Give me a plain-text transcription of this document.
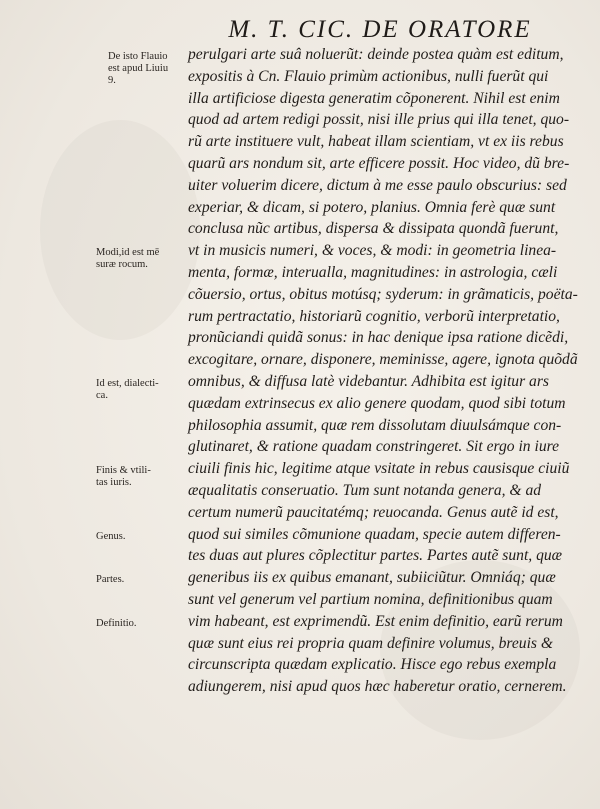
M. T. CIC. DE ORATORE
De isto Flauio
est apud Liuiu
9.
Modi,id est mē
suræ rocum.
Id est, dialecti-
ca.
Finis & vtili-
tas iuris.
Genus.
Partes.
Definitio.
perulgari arte suâ noluerũt: deinde postea quàm est editum,
expositis à Cn. Flauio primùm actionibus, nulli fuerũt qui
illa artificiose digesta generatim cõponerent. Nihil est enim
quod ad artem redigi possit, nisi ille prius qui illa tenet, quo-
rũ arte instituere vult, habeat illam scientiam, vt ex iis rebus
quarũ ars nondum sit, arte efficere possit. Hoc video, dũ bre-
uiter voluerim dicere, dictum à me esse paulo obscurius: sed
experiar, & dicam, si potero, planius. Omnia ferè quæ sunt
conclusa nũc artibus, dispersa & dissipata quondã fuerunt,
vt in musicis numeri, & voces, & modi: in geometria linea-
menta, formæ, interualla, magnitudines: in astrologia, cæli
cõuersio, ortus, obitus motúsq; syderum: in grãmaticis, poëta-
rum pertractatio, historiarũ cognitio, verborũ interpretatio,
pronũciandi quidã sonus: in hac denique ipsa ratione dicẽdi,
excogitare, ornare, disponere, meminisse, agere, ignota quõdã
omnibus, & diffusa latè videbantur. Adhibita est igitur ars
quædam extrinsecus ex alio genere quodam, quod sibi totum
philosophia assumit, quæ rem dissolutam diuulsámque con-
glutinaret, & ratione quadam constringeret. Sit ergo in iure
ciuili finis hic, legitime atque vsitate in rebus causisque ciuiũ
æqualitatis conseruatio. Tum sunt notanda genera, & ad
certum numerũ paucitatémq; reuocanda. Genus autẽ id est,
quod sui similes cõmunione quadam, specie autem differen-
tes duas aut plures cõplectitur partes. Partes autẽ sunt, quæ
generibus iis ex quibus emanant, subiiciũtur. Omniáq; quæ
sunt vel generum vel partium nomina, definitionibus quam
vim habeant, est exprimendũ. Est enim definitio, earũ rerum
quæ sunt eius rei propria quam definire volumus, breuis &
circunscripta quædam explicatio. Hisce ego rebus exempla
adiungerem, nisi apud quos hæc haberetur oratio, cernerem.
